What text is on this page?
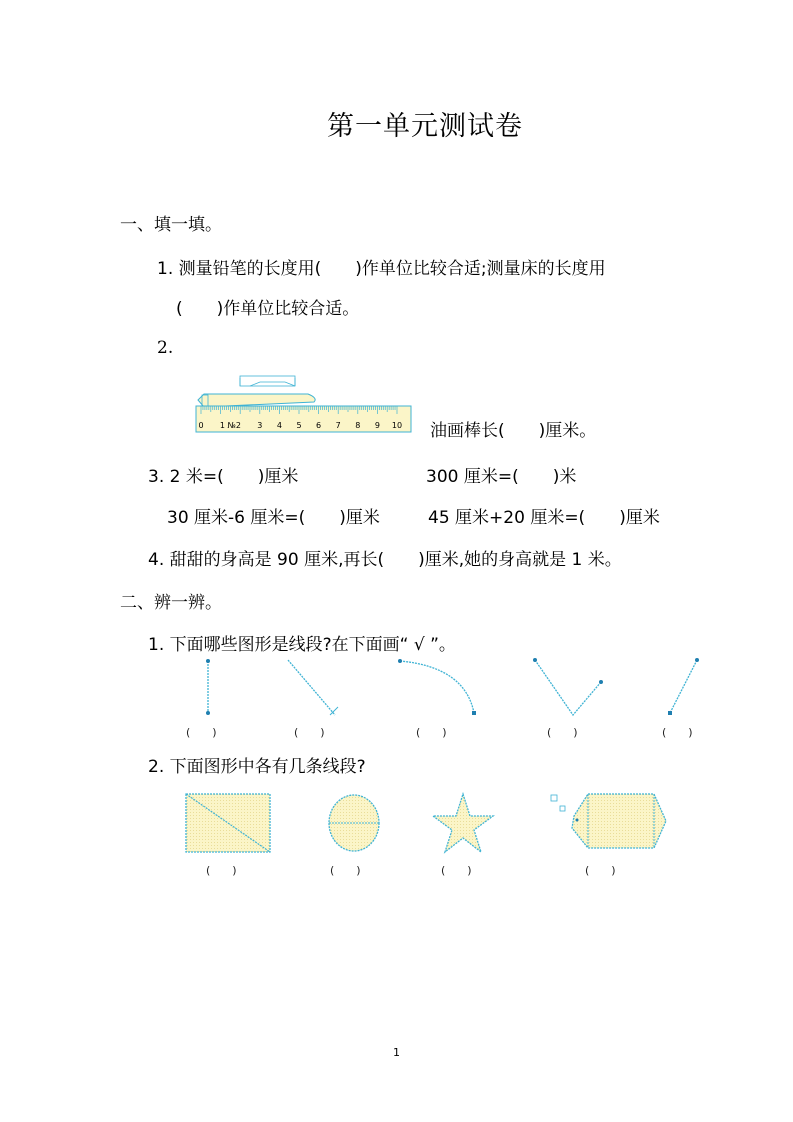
第一单元测试卷
一、填一填。
1. 测量铅笔的长度用(　　)作单位比较合适;测量床的长度用
(　　)作单位比较合适。
2.
0	3 4 5 6 7 8 9 10
1 №2	油画棒长(　　)厘米。
3. 2 米=(　　)厘米	300 厘米=(　　)米
30 厘米-6 厘米=(　　)厘米	45 厘米+20 厘米=(　　)厘米
4. 甜甜的身高是 90 厘米,再长(　　)厘米,她的身高就是 1 米。
二、辨一辨。
1. 下面哪些图形是线段?在下面画“ √ ”。
(　　)	(　　)	(　　)	(　　)	(　　)
2. 下面图形中各有几条线段?
(　　)	(　　)	(　　)	(　　)
1
